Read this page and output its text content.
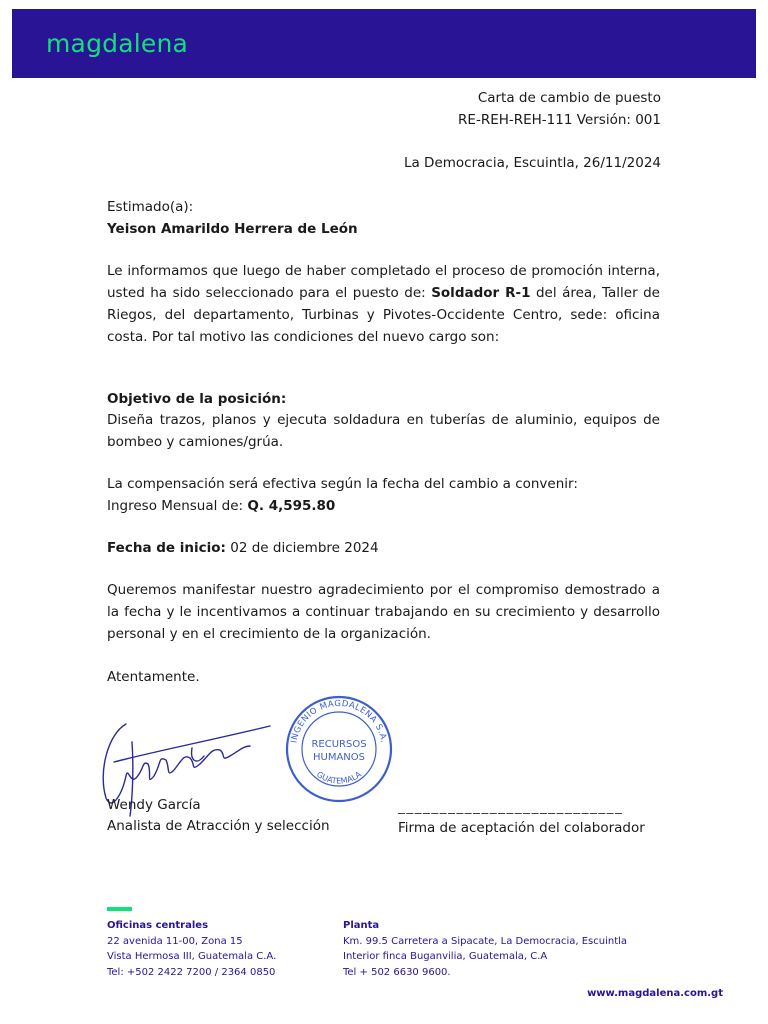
magdalena
Carta de cambio de puesto
RE-REH-REH-111 Versión: 001
La Democracia, Escuintla, 26/11/2024
Estimado(a):
Yeison Amarildo Herrera de León
Le informamos que luego de haber completado el proceso de promoción interna, usted ha sido seleccionado para el puesto de: Soldador R-1 del área, Taller de Riegos, del departamento, Turbinas y Pivotes-Occidente Centro, sede: oficina costa. Por tal motivo las condiciones del nuevo cargo son:
Objetivo de la posición:
Diseña trazos, planos y ejecuta soldadura en tuberías de aluminio, equipos de bombeo y camiones/grúa.
La compensación será efectiva según la fecha del cambio a convenir:
Ingreso Mensual de: Q. 4,595.80
Fecha de inicio: 02 de diciembre 2024
Queremos manifestar nuestro agradecimiento por el compromiso demostrado a la fecha y le incentivamos a continuar trabajando en su crecimiento y desarrollo personal y en el crecimiento de la organización.
Atentamente.
INGENIO MAGDALENA S.A.
GUATEMALA
RECURSOS
HUMANOS
Wendy García
Analista de Atracción y selección
___________________________
Firma de aceptación del colaborador
Oficinas centrales
22 avenida 11-00, Zona 15
Vista Hermosa III, Guatemala C.A.
Tel: +502 2422 7200 / 2364 0850
Planta
Km. 99.5 Carretera a Sipacate, La Democracia, Escuintla
Interior finca Buganvilia, Guatemala, C.A
Tel + 502 6630 9600.
www.magdalena.com.gt
